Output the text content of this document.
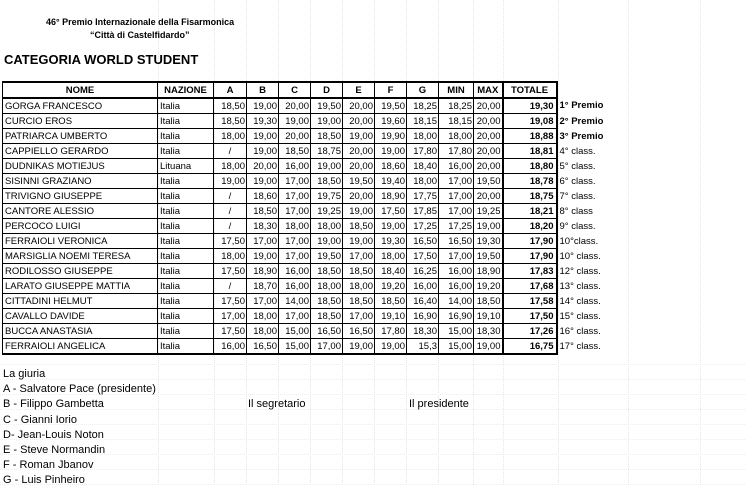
46° Premio Internazionale della Fisarmonica
“Città di Castelfidardo”
CATEGORIA WORLD STUDENT
NOME	NAZIONE	A	B	C	D	E	F	G	MIN	MAX	TOTALE	
GORGA FRANCESCO	Italia	18,50	19,00	20,00	19,50	20,00	19,50	18,25	18,25	20,00	19,30	1° Premio
CURCIO EROS	Italia	18,50	19,30	19,00	19,00	20,00	19,60	18,15	18,15	20,00	19,08	2° Premio
PATRIARCA UMBERTO	Italia	18,00	19,00	20,00	18,50	19,00	19,90	18,00	18,00	20,00	18,88	3° Premio
CAPPIELLO GERARDO	Italia	/	19,00	18,50	18,75	20,00	19,00	17,80	17,80	20,00	18,81	4° class.
DUDNIKAS MOTIEJUS	Lituana	18,00	20,00	16,00	19,00	20,00	18,60	18,40	16,00	20,00	18,80	5° class.
SISINNI GRAZIANO	Italia	19,00	19,00	17,00	18,50	19,50	19,40	18,00	17,00	19,50	18,78	6° class.
TRIVIGNO GIUSEPPE	Italia	/	18,60	17,00	19,75	20,00	18,90	17,75	17,00	20,00	18,75	7° class.
CANTORE ALESSIO	Italia	/	18,50	17,00	19,25	19,00	17,50	17,85	17,00	19,25	18,21	8° class
PERCOCO LUIGI	Italia	/	18,30	18,00	18,00	18,50	19,00	17,25	17,25	19,00	18,20	9° class.
FERRAIOLI VERONICA	Italia	17,50	17,00	17,00	19,00	19,00	19,30	16,50	16,50	19,30	17,90	10°class.
MARSIGLIA NOEMI TERESA	Italia	18,00	19,00	17,00	19,50	17,00	18,00	17,50	17,00	19,50	17,90	10° class.
RODILOSSO GIUSEPPE	Italia	17,50	18,90	16,00	18,50	18,50	18,40	16,25	16,00	18,90	17,83	12° class.
LARATO GIUSEPPE MATTIA	Italia	/	18,70	16,00	18,00	18,00	19,20	16,00	16,00	19,20	17,68	13° class.
CITTADINI HELMUT	Italia	17,50	17,00	14,00	18,50	18,50	18,50	16,40	14,00	18,50	17,58	14° class.
CAVALLO DAVIDE	Italia	17,00	18,00	17,00	18,50	17,00	19,10	16,90	16,90	19,10	17,50	15° class.
BUCCA ANASTASIA	Italia	17,50	18,00	15,00	16,50	16,50	17,80	18,30	15,00	18,30	17,26	16° class.
FERRAIOLI ANGELICA	Italia	16,00	16,50	15,00	17,00	19,00	19,00	15,3	15,00	19,00	16,75	17° class.
La giuria
A - Salvatore Pace (presidente)
B - Filippo Gambetta
C - Gianni Iorio
D- Jean-Louis Noton
E - Steve Normandin
F - Roman Jbanov
G - Luis Pinheiro
Il segretario	Il presidente
